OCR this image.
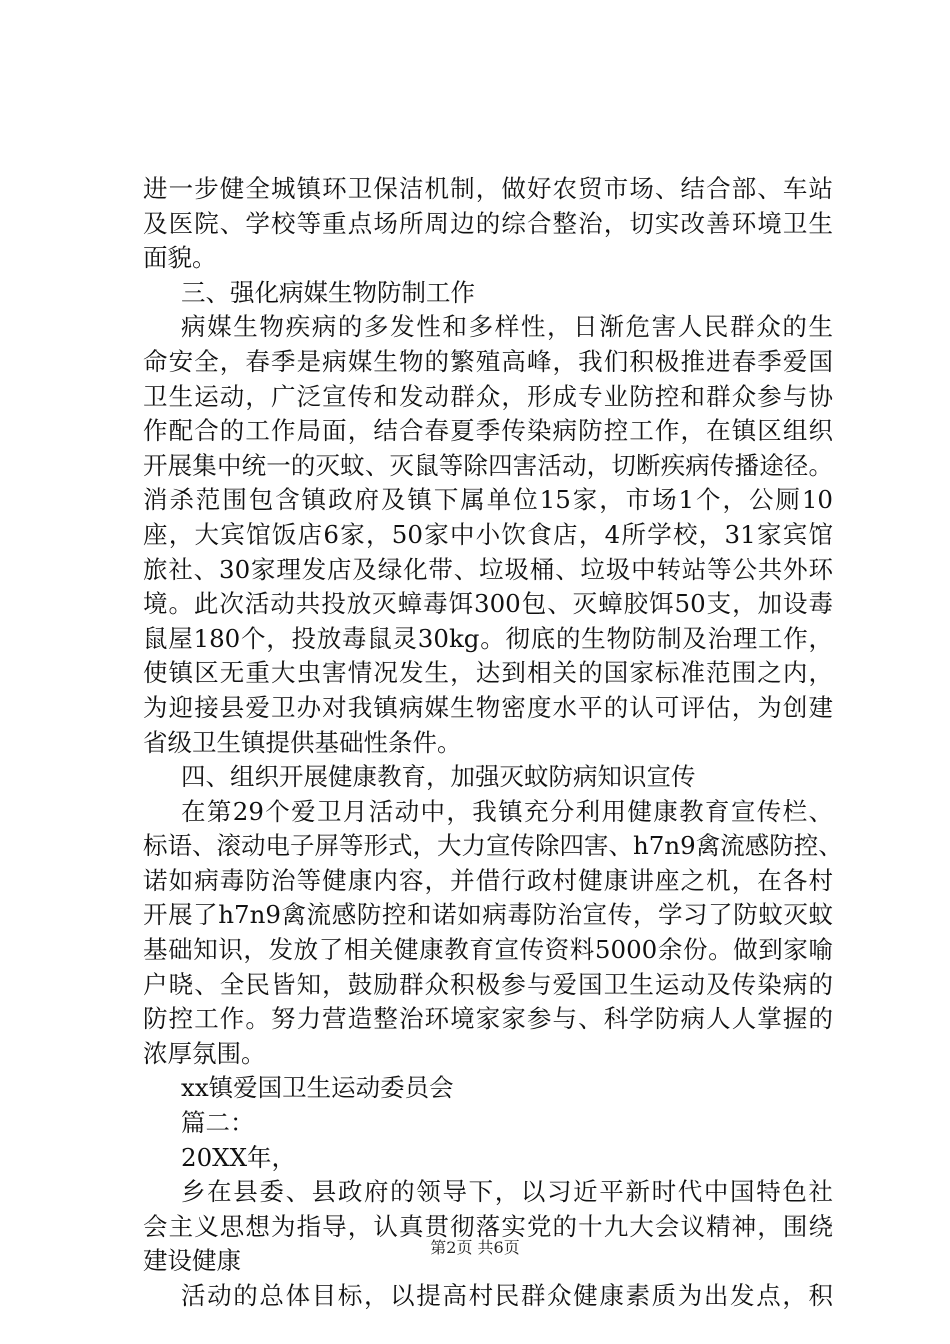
进一步健全城镇环卫保洁机制，做好农贸市场、结合部、车站
及医院、学校等重点场所周边的综合整治，切实改善环境卫生
面貌。
三、强化病媒生物防制工作
病媒生物疾病的多发性和多样性，日渐危害人民群众的生
命安全，春季是病媒生物的繁殖高峰，我们积极推进春季爱国
卫生运动，广泛宣传和发动群众，形成专业防控和群众参与协
作配合的工作局面，结合春夏季传染病防控工作，在镇区组织
开展集中统一的灭蚊、灭鼠等除四害活动，切断疾病传播途径。
消杀范围包含镇政府及镇下属单位15家，市场1个，公厕10
座，大宾馆饭店6家，50家中小饮食店，4所学校，31家宾馆
旅社、30家理发店及绿化带、垃圾桶、垃圾中转站等公共外环
境。此次活动共投放灭蟑毒饵300包、灭蟑胶饵50支，加设毒
鼠屋180个，投放毒鼠灵30kg。彻底的生物防制及治理工作，
使镇区无重大虫害情况发生，达到相关的国家标准范围之内，
为迎接县爱卫办对我镇病媒生物密度水平的认可评估，为创建
省级卫生镇提供基础性条件。
四、组织开展健康教育，加强灭蚊防病知识宣传
在第29个爱卫月活动中，我镇充分利用健康教育宣传栏、
标语、滚动电子屏等形式，大力宣传除四害、h7n9禽流感防控、
诺如病毒防治等健康内容，并借行政村健康讲座之机，在各村
开展了h7n9禽流感防控和诺如病毒防治宣传，学习了防蚊灭蚊
基础知识，发放了相关健康教育宣传资料5000余份。做到家喻
户晓、全民皆知，鼓励群众积极参与爱国卫生运动及传染病的
防控工作。努力营造整治环境家家参与、科学防病人人掌握的
浓厚氛围。
xx镇爱国卫生运动委员会
篇二：
20XX年，
乡在县委、县政府的领导下，以习近平新时代中国特色社
会主义思想为指导，认真贯彻落实党的十九大会议精神，围绕
建设健康
活动的总体目标，以提高村民群众健康素质为出发点，积
第2页 共6页
